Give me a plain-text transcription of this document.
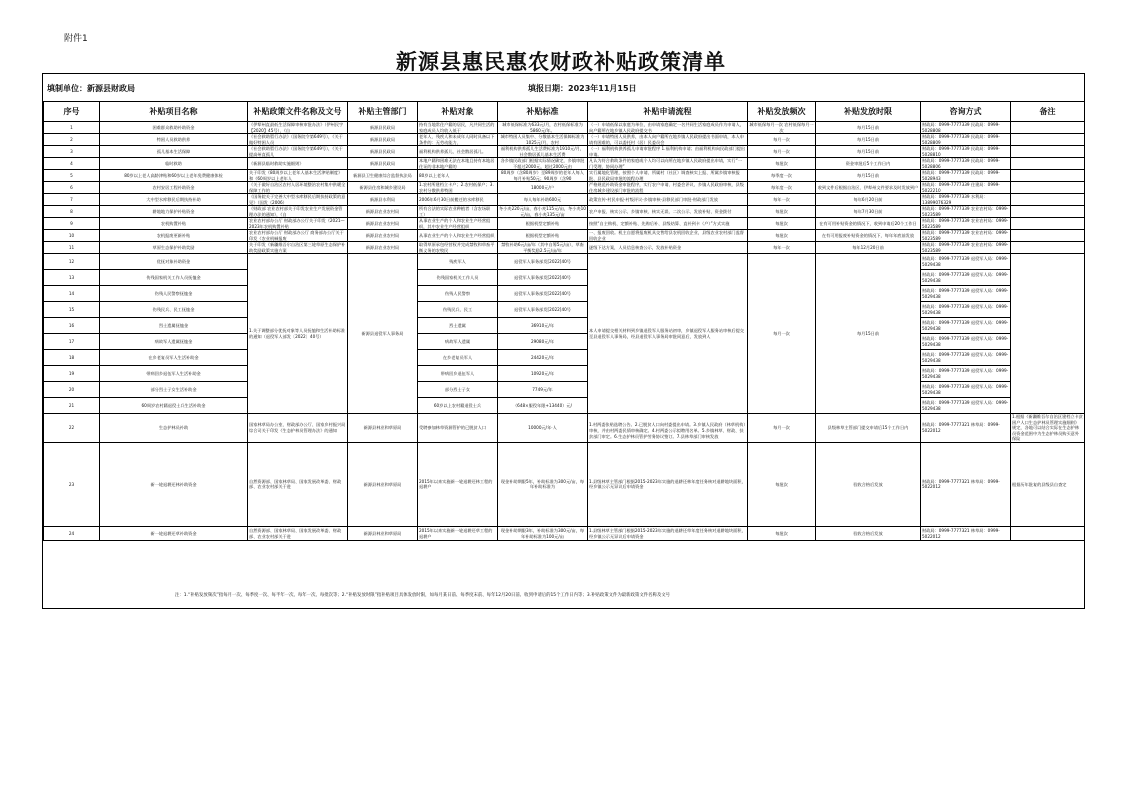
附件1
新源县惠民惠农财政补贴政策清单
填制单位：新源县财政局	填报日期：2023年11月15日
序号	补贴项目名称	补贴政策文件名称及文号	补贴主管部门	补贴对象	补贴标准	补贴申请流程	补贴发放频次	补贴发放时限	咨询方式	备注

1	困难群众救助补助资金	《伊犁州直最低生活保障审核审批办法》（伊州民字【2020】45号），《自	新源县民政局	持有当地常住户籍的居民，凡共同生活的家庭成员人均收入低于	城市低保标准为633元/月，农村低保标准为5860元/年。	（一）申请低保以家庭为单位，由申请家庭确定一名共同生活家庭成员作为申请人，向户籍所在地乡镇人民政府提交书	城市低保每月一次 农村低保每月一次	每月15日前	财政局：0999-7777339 民政局：0999-5028808	

2	特困人员救助供养	《社会救助暂行办法》（国务院令第649号），《关于做好特困人员	新源县民政局	老年人、残疾人和未成年人同时具备以下条件的：无劳动能力、	城市特困人员集中、分散基本生活保障标准为1025元/月，农村	（一）申请特困人员供养，由本人向户籍所在地乡镇人民政府提出书面申请，本人申请有困难的，可以委托村（居）民委员会	每月一次	每月15日前	财政局：0999-7777339 民政局：0999-5028809	

3	孤儿基本生活保障	《社会救助暂行办法》（国务院令第649号），《关于提高州直孤儿	新源县民政局	福利机构供养孤儿、社会散居孤儿。	福利机构供养孤儿生活费标准为1910元/月，社会散居孤儿基本生活费	（一）福利机构供养孤儿申请审批程序 1.福利机构申请；由福利机构向民政部门提出申请。	每月一次	每月15日前	财政局：0999-7777339 民政局：0999-5028810	

4	临时救助	《新源县临时救助实施细则》	新源县民政局	本地户籍和困难无法在本地且持有本地居住证的非本地户籍的	各乡镇民政部门根据实际情况确定，乡镇审批不超过2000元，超过2000元由	凡认为符合救助条件的家庭或个人均可以向所在地乡镇人民政府提出申请，实行“一门受理、协同办理”	每批次	资金审批后5个工作日内	财政局：0999-7777339 民政局：0999-5028806	

5	80岁以上老人高龄津贴和60岁以上老年免费健康体检	关于印发《80周岁以上老年人基本生活津贴制度》和《60周岁以上老年人	新源县卫生健康综合监督执法局	80岁以上老年人	80周岁（含80周岁）至89周岁的老年人每人每月补贴50元；90周岁（含90	实行属地化管理，按照个人申请、所属村（社区）调查核实上报、所属乡镇审核报批、县民政局审批的流程办理	每季度一次	每月15日前	财政局：0999-7777339 民政局：0999-5028943	

6	农村安居工程补助资金	《关于做好自治区农村人居环境整治农村集中供暖全保障工作的	新源县住房和城乡建设局	1.农村所建档立卡户；2.农村低保户；3.农村分散供养特困	18000元/户	严格规范补助资金审批程序，实行农户申请、村委会评议、乡镇人民政府审核，县级住房城乡建设部门审批的流程	每年度一次	收到文件后根据自治区、伊犁州文件要求及时发放到户	财政局：0999-7777339 住建局：0999-5022210	

7	大中型水库移民后期扶持补助	《国务院关于完善大中型水库移民后期扶持政策的意见》（国发（2006）	新源县水利局	2006年6月30日前搬迁的水库移民	每人每年补助600元	政策宣传-村民申报-村级评议-乡镇审核-县移民部门审批-财政部门发放	每年一次	每年6月20日前	财政局：0999-7777339 水利局：13899076329	

8	耕地地力保护补贴资金	《财政部 农业农村部关于印发农业生产发展资金管理办法的通知》，《自	新源县农业农村局	所有合法的实际农业种植者（含农场职工）	冬小麦220元/亩，春小麦115元/亩，冬小麦10元/亩，春小麦135元/亩	农户申报、核实公示、乡镇审核、核实无误、二次公示、发放补贴、资金拨付	每批次	每年7月30日前	财政局：0999-7777339 农业农村局：0999-5023589	

9	农机购置补贴	农业农村部办公厅 财政部办公厅关于印发《2021—2023年农机购置补贴	新源县农业农村局	从事农业生产的个人和农业生产经营组织，其中农业生产经营组织	根据机型定额补贴	按照“自主购机、定额补贴、先购后补、县级结算、直补到卡（户）”方式实施	每批次	在有可用补贴资金的情况下，收到申请后20个工作日	财政局：0999-7777339 农业农村局：0999-5023589	

10	农机报废更新补贴	农业农村部办公厅 财政部办公厅 商务部办公厅关于印发《农业机械报废	新源县农业农村局	从事农业生产的个人和农业生产经营组织	根据机型定额补贴	一、报废回收。机主自愿将报废机具交售给县农机回收企业，县级农业农村部门监督回收企业	每批次	在有可用报废补贴资金的情况下，每年年底前发放	财政局：0999-7777339 农业农村局：0999-5023589	

11	草原生态保护补助奖励	关于印发《新疆维吾尔自治区第三轮草原生态保护补助奖励政策实施方案	新源县农业农村局	取得草原承包经营权并完成禁牧和草畜平衡义务的农牧民	禁牧补助6元/亩/年（其中自筹5元/亩），草畜平衡奖励2.5元/亩/年	逐级下达方案，人员信息核查公示，发放补贴资金	每年一次	每年12月20日前	财政局：0999-7777339 农业农村局：0999-5023589	

12	优抚对象补助资金	1.关于调整部分优抚对象等人员抚恤和生活补助标准的通知（退役军人部发〔2022〕40号）	新源县退役军人事务局	残疾军人	退役军人事务部发[2022]40号	本人申请提交相关材料到乡镇退役军人服务站初审，乡镇退役军人服务站审核后提交至县退役军人事务局，经县退役军人事务局审批同意后，发放到人	每月一次	每月15日前	财政局：0999-7777339 退役军人局：0999-5029438	

13	伤残国家机关工作人员抚恤金			伤残国家机关工作人员	退役军人事务部发[2022]40号				财政局：0999-7777339 退役军人局：0999-5029438	

14	伤残人民警察抚恤金			伤残人民警察	退役军人事务部发[2022]40号				财政局：0999-7777339 退役军人局：0999-5029438	

15	伤残民兵、民工抚恤金			伤残民兵、民工	退役军人事务部发[2022]40号				财政局：0999-7777339 退役军人局：0999-5029438	

16	烈士遗属抚恤金			烈士遗属	36910元/年				财政局：0999-7777339 退役军人局：0999-5029438	

17	病故军人遗属抚恤金			病故军人遗属	29080元/年				财政局：0999-7777339 退役军人局：0999-5029438	

18	在乡老复员军人生活补助金			在乡老复员军人	24420元/年				财政局：0999-7777339 退役军人局：0999-5029438	

19	带病回乡退伍军人生活补助金			带病回乡退伍军人	10920元/年				财政局：0999-7777339 退役军人局：0999-5029438	

20	部分烈士子女生活补助金			部分烈士子女	7749元/年				财政局：0999-7777339 退役军人局：0999-5029438	

21	60周岁农村籍退役士兵生活补助金			60岁以上农村籍退役士兵	（648×服役年限+13440）元/				财政局：0999-7777339 退役军人局：0999-5029438	

22	生态护林员补助	国家林草局办公室、财政部办公厅、国家乡村振兴局综合司关于印发《生态护林员管理办法》的通知	新源县林业和草原局	受聘参加林草资源管护的已脱贫人口	10000元/年·人	1.村两委张贴选聘公告。2.已脱贫人口向村委提出申请。3.乡镇人民政府（林草机构）审核，并由村两委民情审核确定。4.村两委公示拟聘用名单。5.乡镇林草、财政、扶贫部门审定。6.生态护林员管护劳务协议签订。7.县林草部门审核发放	每月一次	县级林草主管部门提交申请后15个工作日内	财政局：0999-7777321 林草局：0999-5022012	1.根据《新疆维吾尔自治区建档立卡贫困户人口生态护林员管理实施细则》规定，各地可以结合实际在生态护林员资金范围中为生态护林员购买意外保险

23	新一轮退耕还林补助资金	自然资源部、国家林草局、国家发展改革委、财政部、农业农村部关于进	新源县林业和草原局	2015年以来实施新一轮退耕还林工程的退耕户	现金补助期限5年，补助标准为300元/亩，每年补助标准为	1.县级林草主管部门根据2015-2023年实施的退耕还林年度任务核对退耕地块面积，经乡镇公示无异议后申请资金	每批次	验收合格后发放	财政局：0999-7777321 林草局：0999-5022012	根据历年批复的县级县自查定

24	新一轮退耕还草补助资金	自然资源部、国家林草局、国家发展改革委、财政部、农业农村部关于进	新源县林业和草原局	2015年以来实施新一轮退耕还草工程的退耕户	现金补助期限3年，补助标准为300元/亩，每年补助标准为100元/亩	1.县级林草主管部门根据2015-2023年实施的退耕还草年度任务核对退耕地块面积，经乡镇公示无异议后申请资金	每批次	验收合格后发放	财政局：0999-7777321 林草局：0999-5022012	

注：1.“补贴发放频次”指每月一次、每季度一次、每半年一次、每年一次、每批次等；2.“补贴发放时限”指补贴项目具体发放时限，如每月某日前、每季度末前、每年12月20日前、收到申请后的15个工作日内等；3.补贴政策文件为最新政策文件名称及文号
